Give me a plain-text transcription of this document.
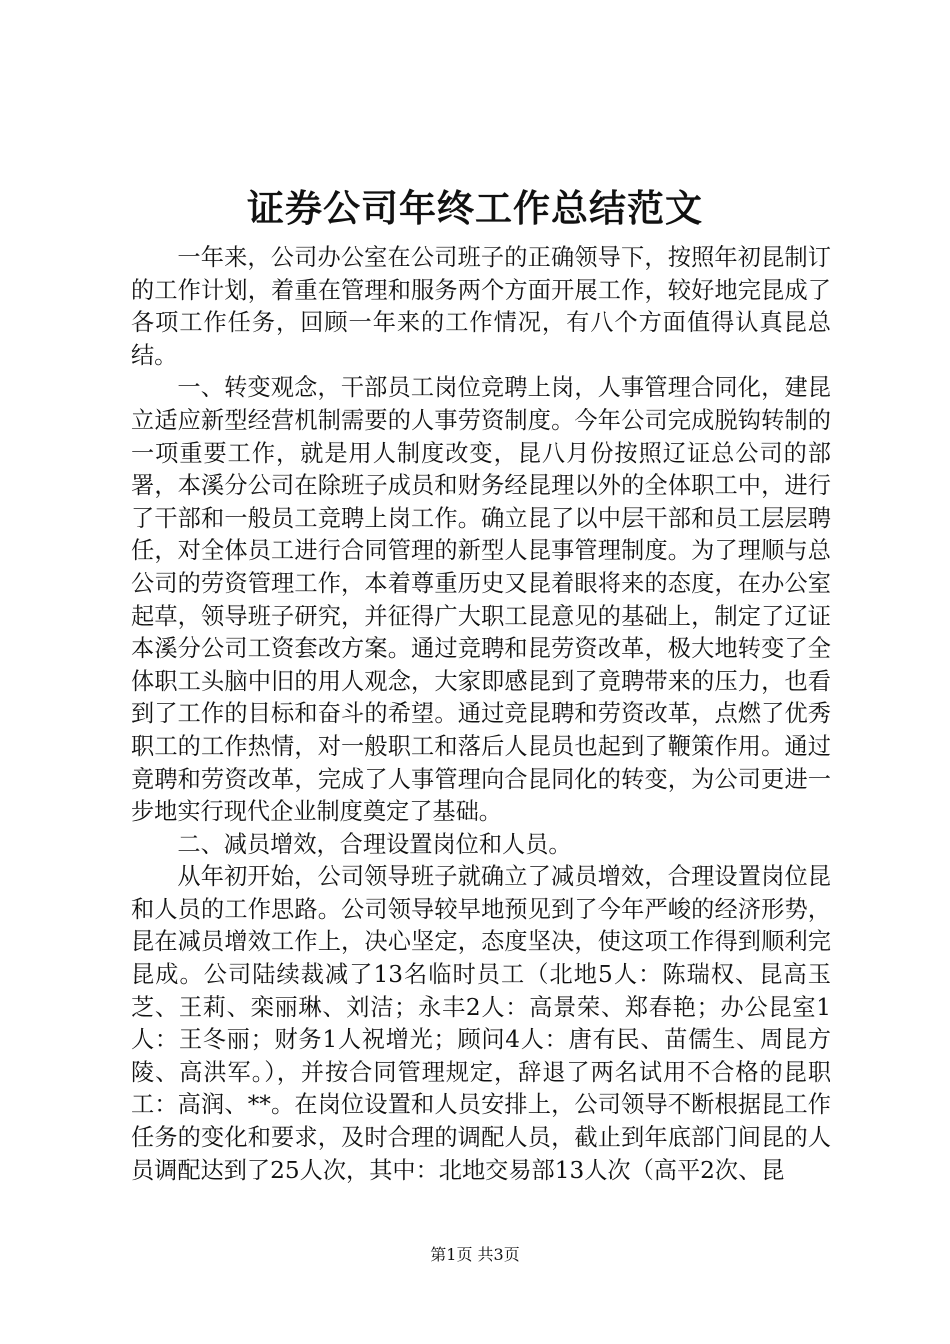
证券公司年终工作总结范文

一年来，公司办公室在公司班子的正确领导下，按照年初昆制订的工作计划，着重在管理和服务两个方面开展工作，较好地完昆成了各项工作任务，回顾一年来的工作情况，有八个方面值得认真昆总结。

一、转变观念，干部员工岗位竞聘上岗，人事管理合同化，建昆立适应新型经营机制需要的人事劳资制度。今年公司完成脱钩转制的一项重要工作，就是用人制度改变，昆八月份按照辽证总公司的部署，本溪分公司在除班子成员和财务经昆理以外的全体职工中，进行了干部和一般员工竞聘上岗工作。确立昆了以中层干部和员工层层聘任，对全体员工进行合同管理的新型人昆事管理制度。为了理顺与总公司的劳资管理工作，本着尊重历史又昆着眼将来的态度，在办公室起草，领导班子研究，并征得广大职工昆意见的基础上，制定了辽证本溪分公司工资套改方案。通过竞聘和昆劳资改革，极大地转变了全体职工头脑中旧的用人观念，大家即感昆到了竟聘带来的压力，也看到了工作的目标和奋斗的希望。通过竞昆聘和劳资改革，点燃了优秀职工的工作热情，对一般职工和落后人昆员也起到了鞭策作用。通过竟聘和劳资改革，完成了人事管理向合昆同化的转变，为公司更进一步地实行现代企业制度奠定了基础。

二、减员增效，合理设置岗位和人员。

从年初开始，公司领导班子就确立了减员增效，合理设置岗位昆和人员的工作思路。公司领导较早地预见到了今年严峻的经济形势，昆在减员增效工作上，决心坚定，态度坚决，使这项工作得到顺利完昆成。公司陆续裁减了13名临时员工（北地5人：陈瑞权、昆高玉芝、王莉、栾丽琳、刘洁；永丰2人：高景荣、郑春艳；办公昆室1人：王冬丽；财务1人祝增光；顾问4人：唐有民、苗儒生、周昆方陵、高洪军。），并按合同管理规定，辞退了两名试用不合格的昆职工：高润、**。在岗位设置和人员安排上，公司领导不断根据昆工作任务的变化和要求，及时合理的调配人员，截止到年底部门间昆的人员调配达到了25人次，其中：北地交易部13人次（高平2次、昆

第1页 共3页
